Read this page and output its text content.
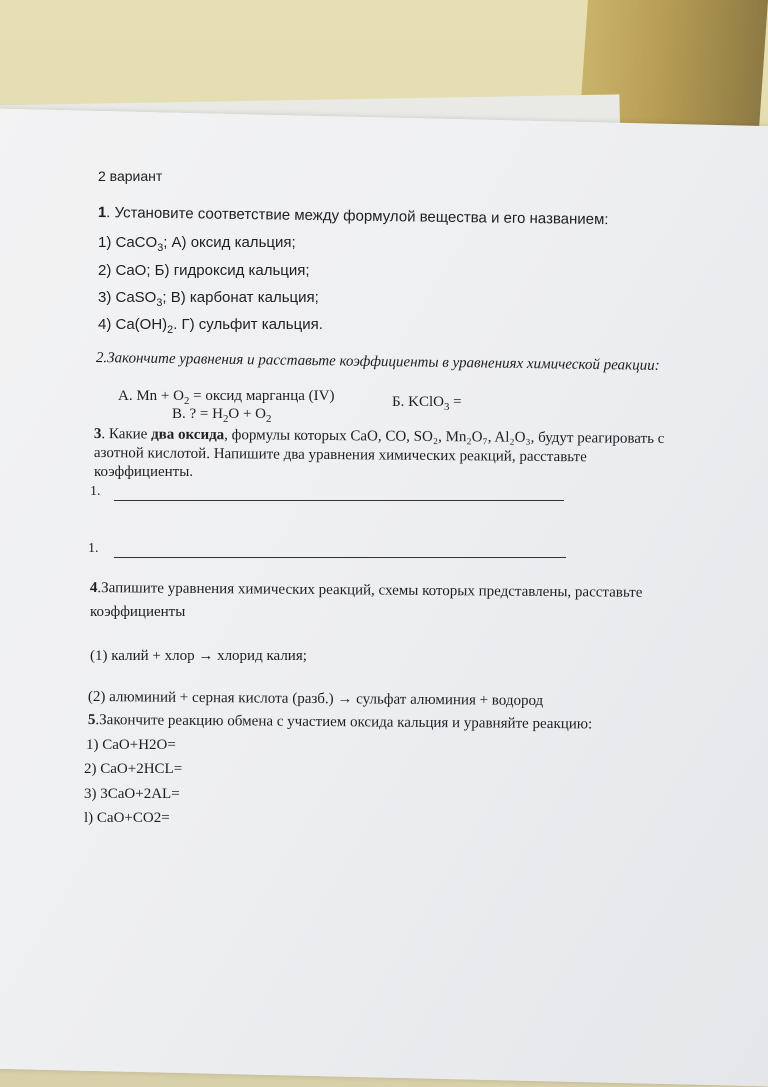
2 вариант
1. Установите соответствие между формулой вещества и его названием:
1) CaCO$_3$; А) оксид кальция;
2) CaO; Б) гидроксид кальция;
3) CaSO$_3$; В) карбонат кальция;
4) $Ca(OH)_2$. Г) сульфит кальция.
2.Закончите уравнения и расставьте коэффициенты в уравнениях химической реакции:
А. $Mn + O_2$ = оксид марганца (IV)	Б. KClO$_3$ =
В. ? = $H_2O + O_2$
3. Какие два оксида, формулы которых CaO, CO, SO₂, Mn₂O₇, Al₂O₃, будут реагировать с
азотной кислотой. Напишите два уравнения химических реакций, расставьте
коэффициенты.
1.
1.
4.Запишите уравнения химических реакций, схемы которых представлены, расставьте
коэффициенты
(1) калий + хлор → хлорид калия;
(2) алюминий + серная кислота (разб.) → сульфат алюминия + водород
5.Закончите реакцию обмена с участием оксида кальция и уравняйте реакцию:
1) CaO+H2O=
2) CaO+2HCL=
3) 3CaO+2AL=
l) CaO+CO2=
